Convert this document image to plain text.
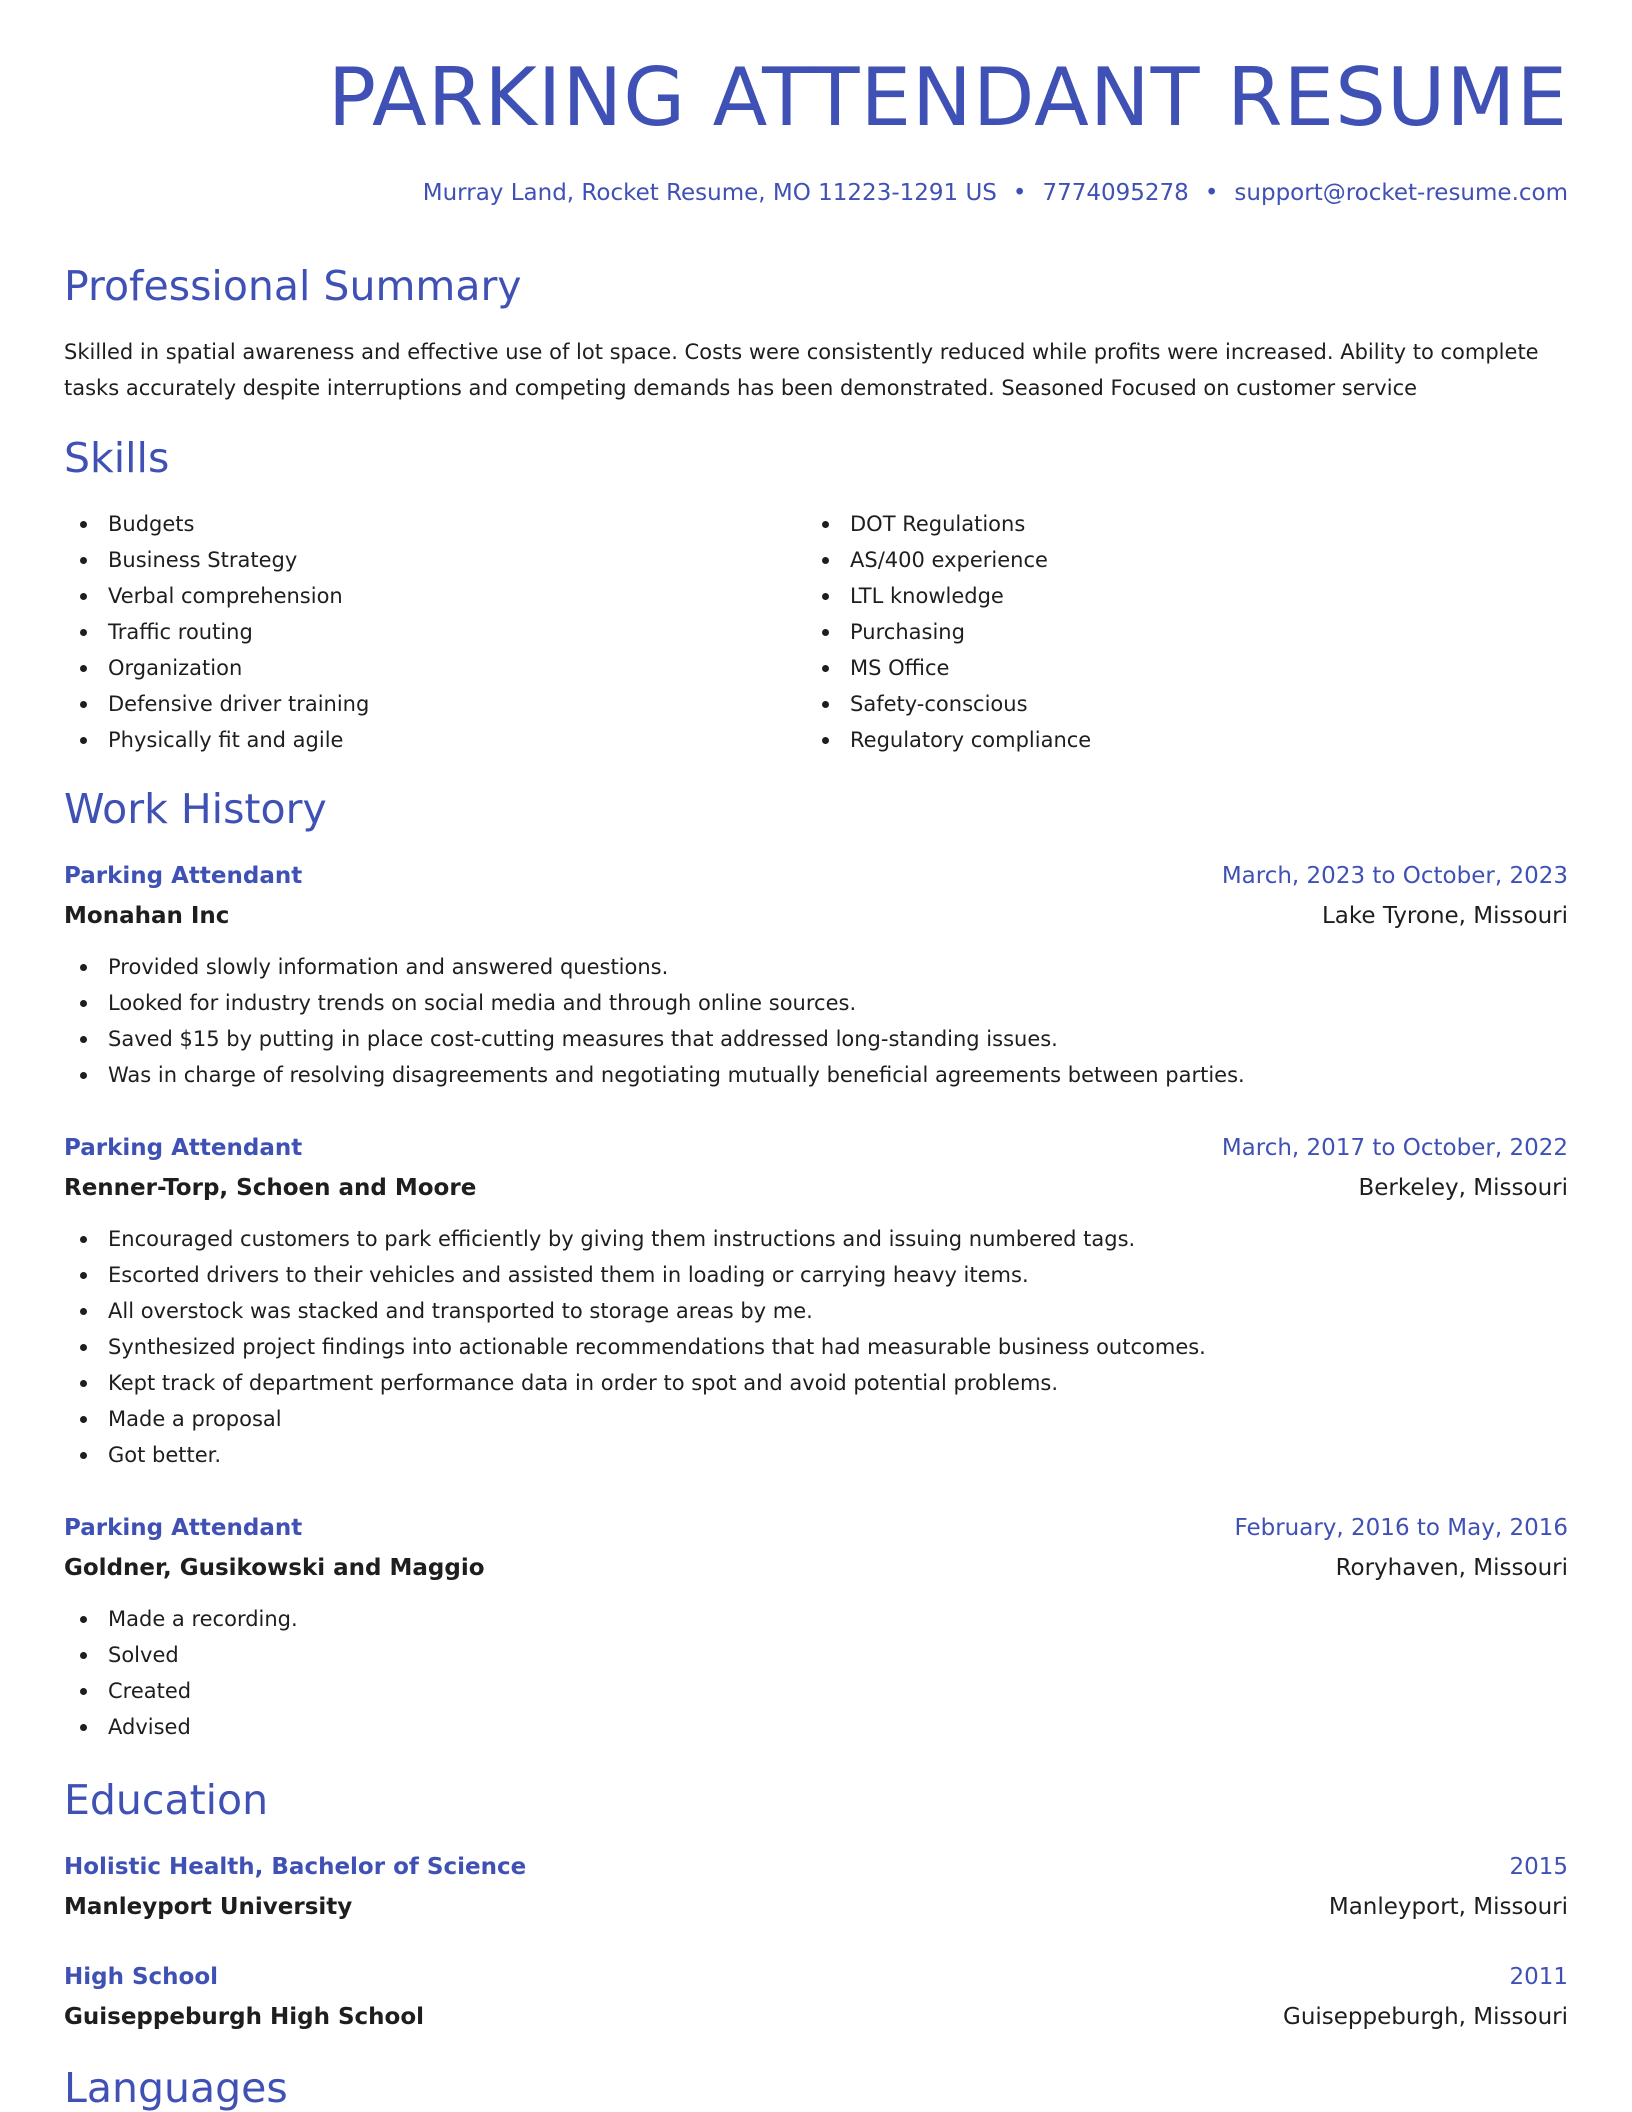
PARKING ATTENDANT RESUME
Murray Land, Rocket Resume, MO 11223-1291 US • 7774095278 • support@rocket-resume.com
Professional Summary

Skilled in spatial awareness and effective use of lot space. Costs were consistently reduced while profits were increased. Ability to complete tasks accurately despite interruptions and competing demands has been demonstrated. Seasoned Focused on customer service

Skills
Budgets
Business Strategy
Verbal comprehension
Traffic routing
Organization
Defensive driver training
Physically fit and agile
DOT Regulations
AS/400 experience
LTL knowledge
Purchasing
MS Office
Safety-conscious
Regulatory compliance
Work History
Parking Attendant	March, 2023 to October, 2023
Monahan Inc	Lake Tyrone, Missouri
Provided slowly information and answered questions.
Looked for industry trends on social media and through online sources.
Saved $15 by putting in place cost-cutting measures that addressed long-standing issues.
Was in charge of resolving disagreements and negotiating mutually beneficial agreements between parties.
Parking Attendant	March, 2017 to October, 2022
Renner-Torp, Schoen and Moore	Berkeley, Missouri
Encouraged customers to park efficiently by giving them instructions and issuing numbered tags.
Escorted drivers to their vehicles and assisted them in loading or carrying heavy items.
All overstock was stacked and transported to storage areas by me.
Synthesized project findings into actionable recommendations that had measurable business outcomes.
Kept track of department performance data in order to spot and avoid potential problems.
Made a proposal
Got better.
Parking Attendant	February, 2016 to May, 2016
Goldner, Gusikowski and Maggio	Roryhaven, Missouri
Made a recording.
Solved
Created
Advised
Education
Holistic Health, Bachelor of Science	2015
Manleyport University	Manleyport, Missouri
High School	2011
Guiseppeburgh High School	Guiseppeburgh, Missouri
Languages
